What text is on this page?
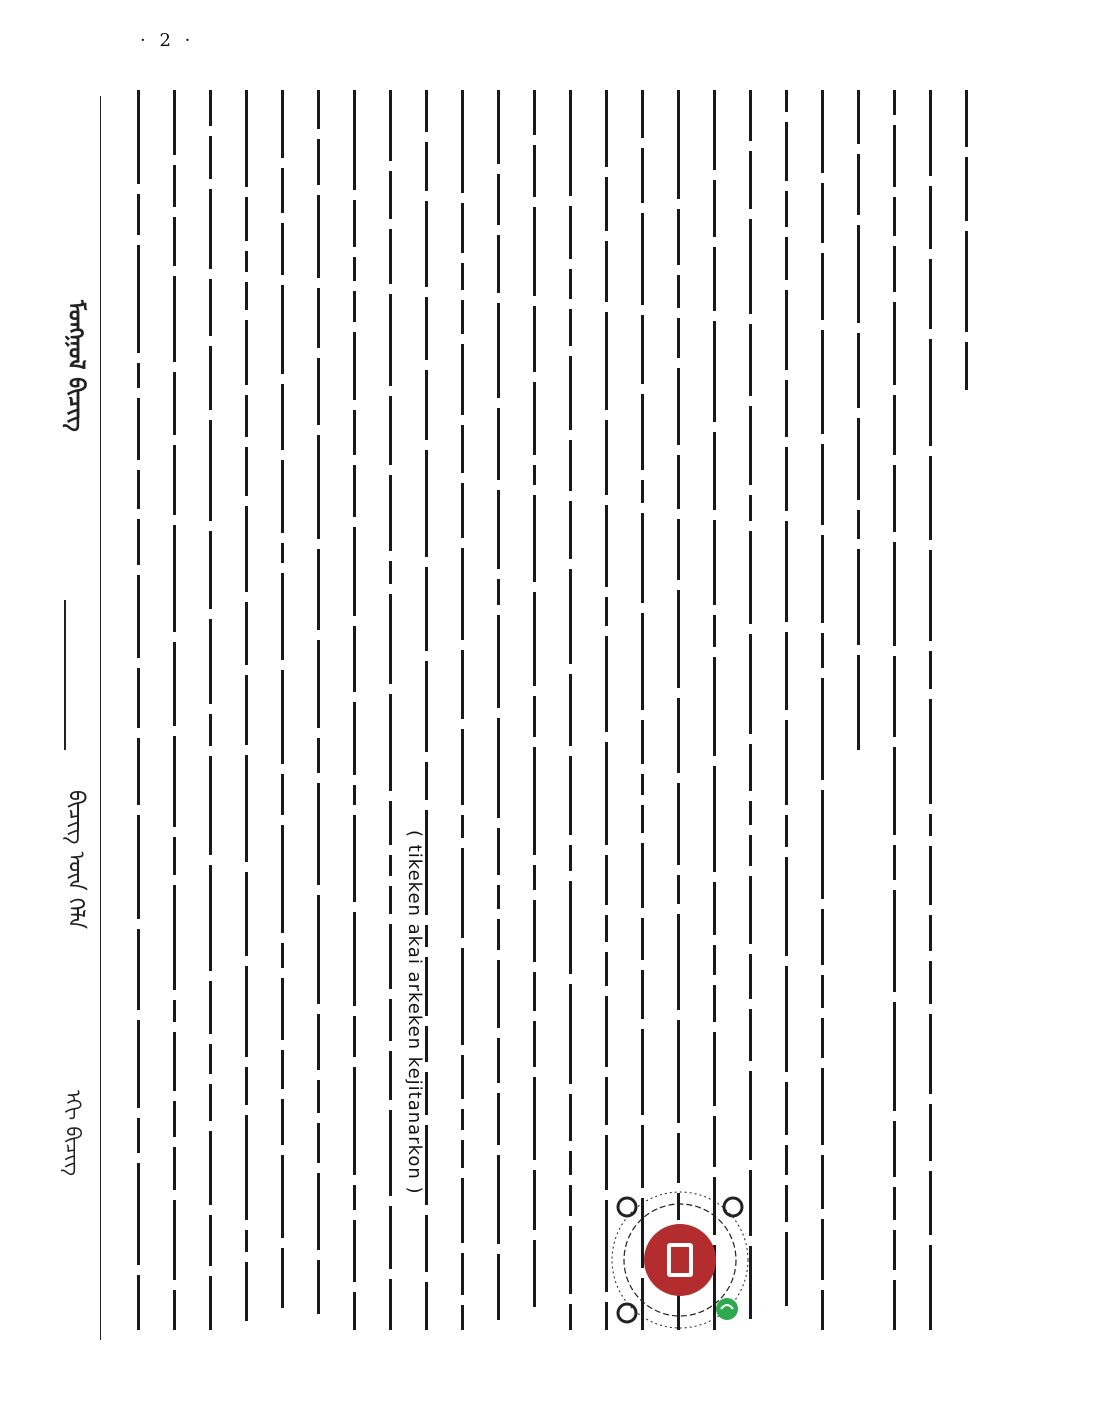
· 2 ·
ᠮᠣᠩᠭᠣᠯ ᠪᠢᠴᠢᠭ
ᠪᠢᠴᠢᠭ᠌ ᠦᠨ ᠬᠡᠯᠡ
ᠡᠬᠢ ᠪᠢᠴᠢᠭ	( tikeken akai arkeken kejitanarkon )
